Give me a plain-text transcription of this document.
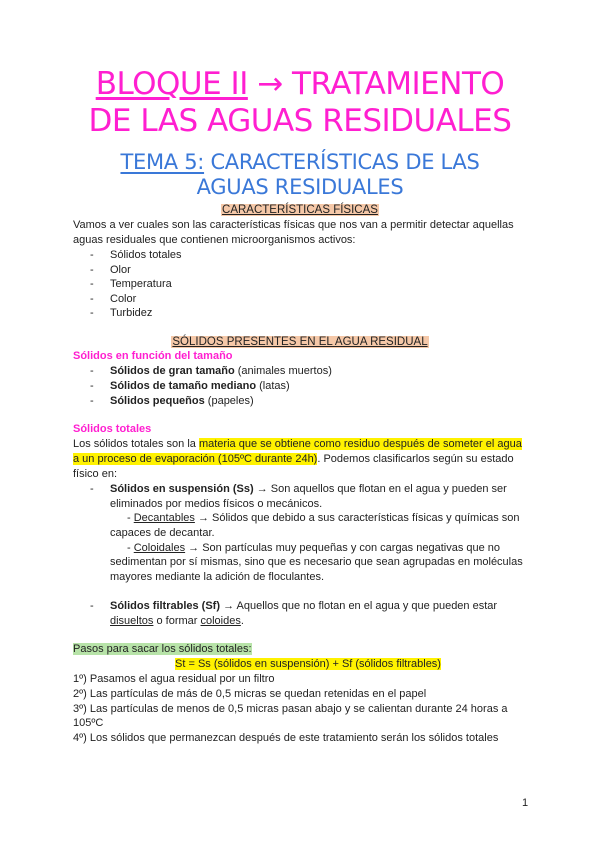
BLOQUE II → TRATAMIENTO
DE LAS AGUAS RESIDUALES
TEMA 5: CARACTERÍSTICAS DE LAS
AGUAS RESIDUALES
CARACTERÍSTICAS FÍSICAS
Vamos a ver cuales son las características físicas que nos van a permitir detectar aquellas
aguas residuales que contienen microorganismos activos:
- Sólidos totales
- Olor
- Temperatura
- Color
- Turbidez
SÓLIDOS PRESENTES EN EL AGUA RESIDUAL
Sólidos en función del tamaño
- Sólidos de gran tamaño (animales muertos)
- Sólidos de tamaño mediano (latas)
- Sólidos pequeños (papeles)
Sólidos totales
Los sólidos totales son la materia que se obtiene como residuo después de someter el agua
a un proceso de evaporación (105ºC durante 24h). Podemos clasificarlos según su estado
físico en:
- Sólidos en suspensión (Ss) → Son aquellos que flotan en el agua y pueden ser
eliminados por medios físicos o mecánicos.
- Decantables → Sólidos que debido a sus características físicas y químicas son
capaces de decantar.
- Coloidales → Son partículas muy pequeñas y con cargas negativas que no
sedimentan por sí mismas, sino que es necesario que sean agrupadas en moléculas
mayores mediante la adición de floculantes.
- Sólidos filtrables (Sf) → Aquellos que no flotan en el agua y que pueden estar
disueltos o formar coloides.
Pasos para sacar los sólidos totales:
St = Ss (sólidos en suspensión) + Sf (sólidos filtrables)
1º) Pasamos el agua residual por un filtro
2º) Las partículas de más de 0,5 micras se quedan retenidas en el papel
3º) Las partículas de menos de 0,5 micras pasan abajo y se calientan durante 24 horas a
105ºC
4º) Los sólidos que permanezcan después de este tratamiento serán los sólidos totales
1
